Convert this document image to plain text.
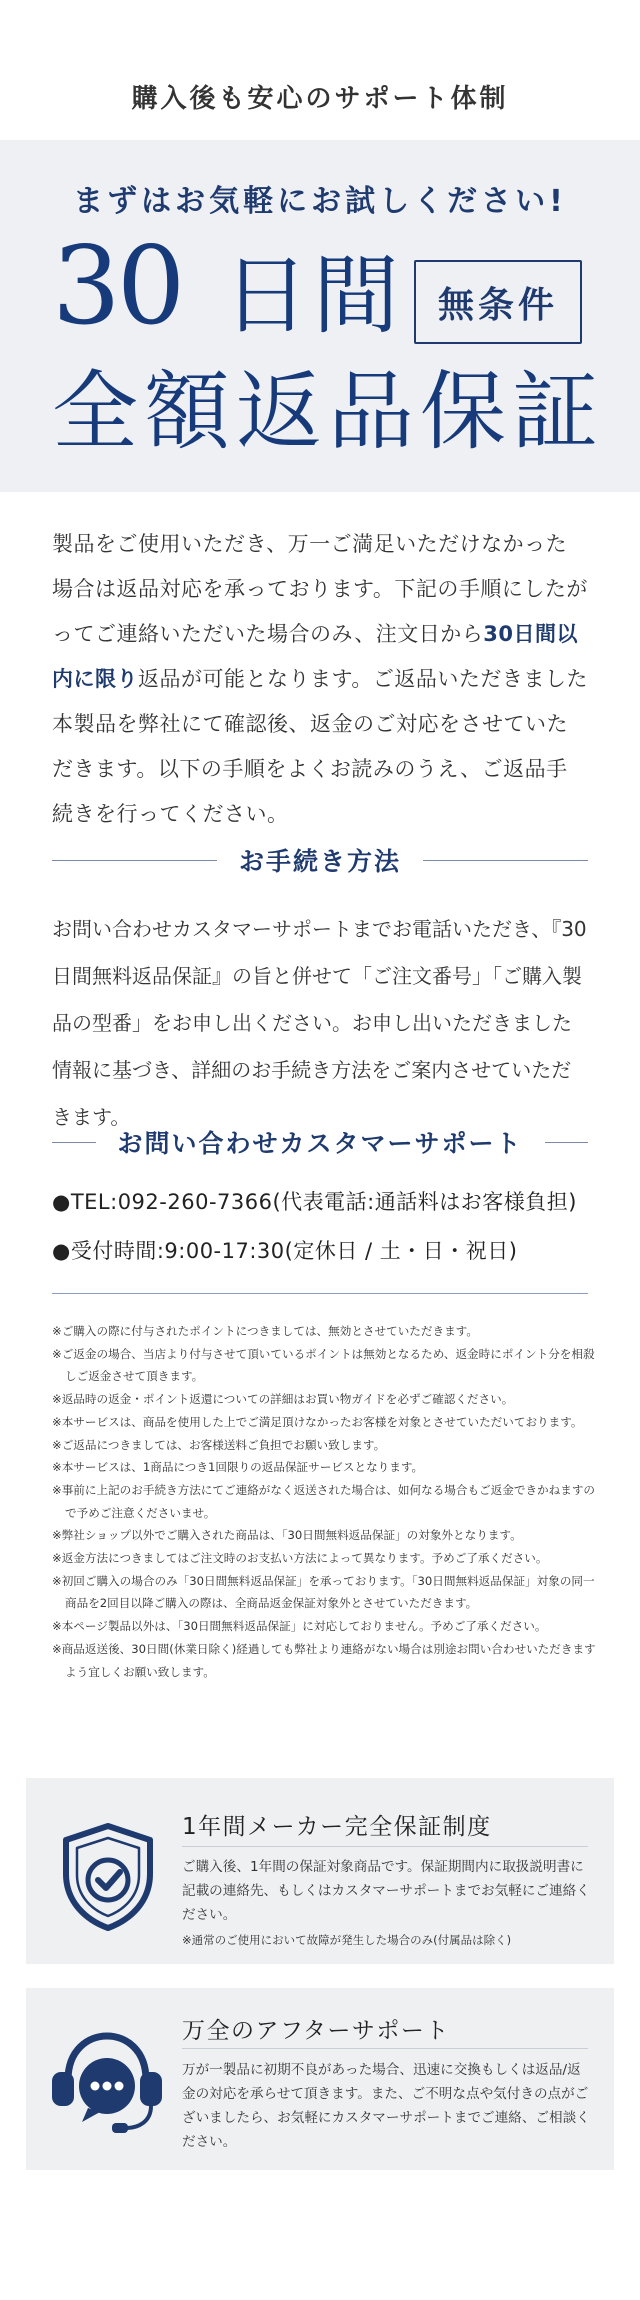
購入後も安心のサポート体制
まずはお気軽にお試しください!
30 日間 無条件
全額返品保証
製品をご使用いただき、万一ご満足いただけなかった場合は返品対応を承っております。下記の手順にしたがってご連絡いただいた場合のみ、注文日から30日間以内に限り返品が可能となります。ご返品いただきました本製品を弊社にて確認後、返金のご対応をさせていただきます。以下の手順をよくお読みのうえ、ご返品手続きを行ってください。
お手続き方法
お問い合わせカスタマーサポートまでお電話いただき、『30日間無料返品保証』の旨と併せて「ご注文番号」「ご購入製品の型番」をお申し出ください。お申し出いただきました情報に基づき、詳細のお手続き方法をご案内させていただきます。
お問い合わせカスタマーサポート
●TEL:092-260-7366(代表電話:通話料はお客様負担)
●受付時間:9:00-17:30(定休日 / 土・日・祝日)
※ご購入の際に付与されたポイントにつきましては、無効とさせていただきます。
※ご返金の場合、当店より付与させて頂いているポイントは無効となるため、返金時にポイント分を相殺しご返金させて頂きます。
※返品時の返金・ポイント返還についての詳細はお買い物ガイドを必ずご確認ください。
※本サービスは、商品を使用した上でご満足頂けなかったお客様を対象とさせていただいております。
※ご返品につきましては、お客様送料ご負担でお願い致します。
※本サービスは、1商品につき1回限りの返品保証サービスとなります。
※事前に上記のお手続き方法にてご連絡がなく返送された場合は、如何なる場合もご返金できかねますので予めご注意くださいませ。
※弊社ショップ以外でご購入された商品は、「30日間無料返品保証」の対象外となります。
※返金方法につきましてはご注文時のお支払い方法によって異なります。予めご了承ください。
※初回ご購入の場合のみ「30日間無料返品保証」を承っております。「30日間無料返品保証」対象の同一商品を2回目以降ご購入の際は、全商品返金保証対象外とさせていただきます。
※本ページ製品以外は、「30日間無料返品保証」に対応しておりません。予めご了承ください。
※商品返送後、30日間(休業日除く)経過しても弊社より連絡がない場合は別途お問い合わせいただきますよう宜しくお願い致します。
1年間メーカー完全保証制度
ご購入後、1年間の保証対象商品です。保証期間内に取扱説明書に記載の連絡先、もしくはカスタマーサポートまでお気軽にご連絡ください。
※通常のご使用において故障が発生した場合のみ(付属品は除く)
万全のアフターサポート
万が一製品に初期不良があった場合、迅速に交換もしくは返品/返金の対応を承らせて頂きます。また、ご不明な点や気付きの点がございましたら、お気軽にカスタマーサポートまでご連絡、ご相談ください。
